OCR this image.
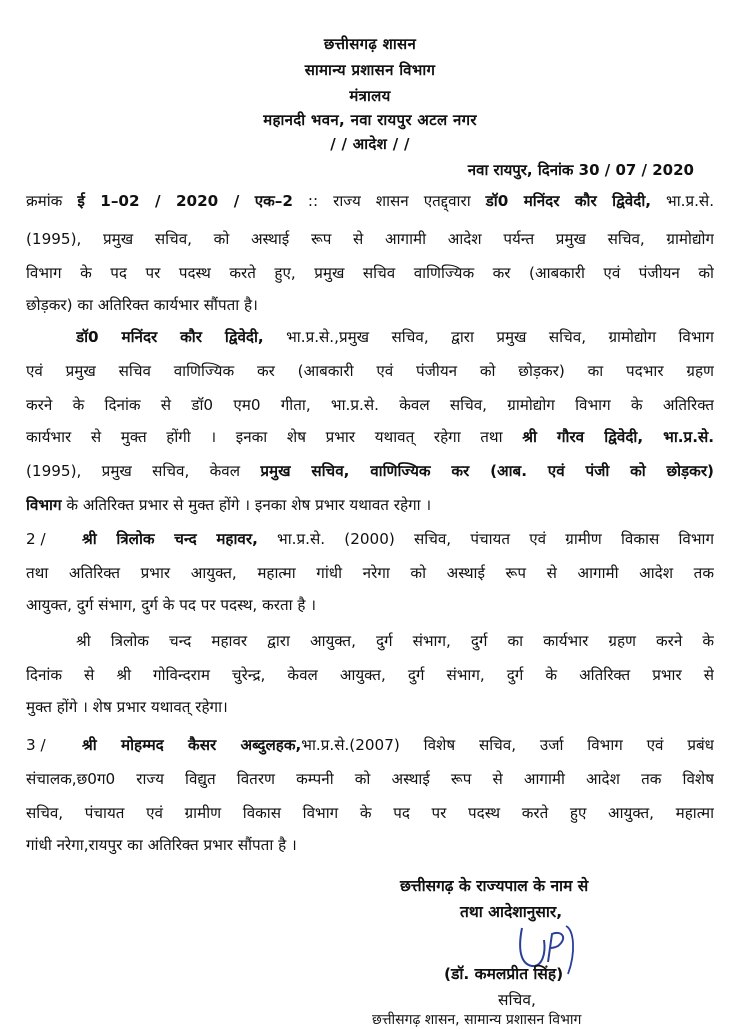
छत्तीसगढ़ शासन
सामान्य प्रशासन विभाग
मंत्रालय
महानदी भवन, नवा रायपुर अटल नगर
/ / आदेश / /
नवा रायपुर, दिनांक 30 / 07 / 2020
क्रमांक ई 1–02 / 2020 / एक–2 :: राज्य शासन एतद्द्वारा डॉ0 मनिंदर कौर द्विवेदी, भा.प्र.से.
(1995), प्रमुख सचिव, को अस्थाई रूप से आगामी आदेश पर्यन्त प्रमुख सचिव, ग्रामोद्योग
विभाग के पद पर पदस्थ करते हुए, प्रमुख सचिव वाणिज्यिक कर (आबकारी एवं पंजीयन को
छोड़कर) का अतिरिक्त कार्यभार सौंपता है।
डॉ0 मनिंदर कौर द्विवेदी, भा.प्र.से.,प्रमुख सचिव, द्वारा प्रमुख सचिव, ग्रामोद्योग विभाग
एवं प्रमुख सचिव वाणिज्यिक कर (आबकारी एवं पंजीयन को छोड़कर) का पदभार ग्रहण
करने के दिनांक से डॉ0 एम0 गीता, भा.प्र.से. केवल सचिव, ग्रामोद्योग विभाग के अतिरिक्त
कार्यभार से मुक्त होंगी । इनका शेष प्रभार यथावत् रहेगा तथा श्री गौरव द्विवेदी, भा.प्र.से.
(1995), प्रमुख सचिव, केवल प्रमुख सचिव, वाणिज्यिक कर (आब. एवं पंजी को छोड़कर)
विभाग के अतिरिक्त प्रभार से मुक्त होंगे । इनका शेष प्रभार यथावत रहेगा ।
2 /	श्री त्रिलोक चन्द महावर, भा.प्र.से. (2000) सचिव, पंचायत एवं ग्रामीण विकास विभाग
तथा अतिरिक्त प्रभार आयुक्त, महात्मा गांधी नरेगा को अस्थाई रूप से आगामी आदेश तक
आयुक्त, दुर्ग संभाग, दुर्ग के पद पर पदस्थ, करता है ।
श्री त्रिलोक चन्द महावर द्वारा आयुक्त, दुर्ग संभाग, दुर्ग का कार्यभार ग्रहण करने के
दिनांक से श्री गोविन्दराम चुरेन्द्र, केवल आयुक्त, दुर्ग संभाग, दुर्ग के अतिरिक्त प्रभार से
मुक्त होंगे । शेष प्रभार यथावत् रहेगा।
3 /	श्री मोहम्मद कैसर अब्दुलहक,भा.प्र.से.(2007) विशेष सचिव, उर्जा विभाग एवं प्रबंध
संचालक,छ0ग0 राज्य विद्युत वितरण कम्पनी को अस्थाई रूप से आगामी आदेश तक विशेष
सचिव, पंचायत एवं ग्रामीण विकास विभाग के पद पर पदस्थ करते हुए आयुक्त, महात्मा
गांधी नरेगा,रायपुर का अतिरिक्त प्रभार सौंपता है ।
छत्तीसगढ़ के राज्यपाल के नाम से
तथा आदेशानुसार,
(डॉ. कमलप्रीत सिंह)
सचिव,
छत्तीसगढ़ शासन, सामान्य प्रशासन विभाग
